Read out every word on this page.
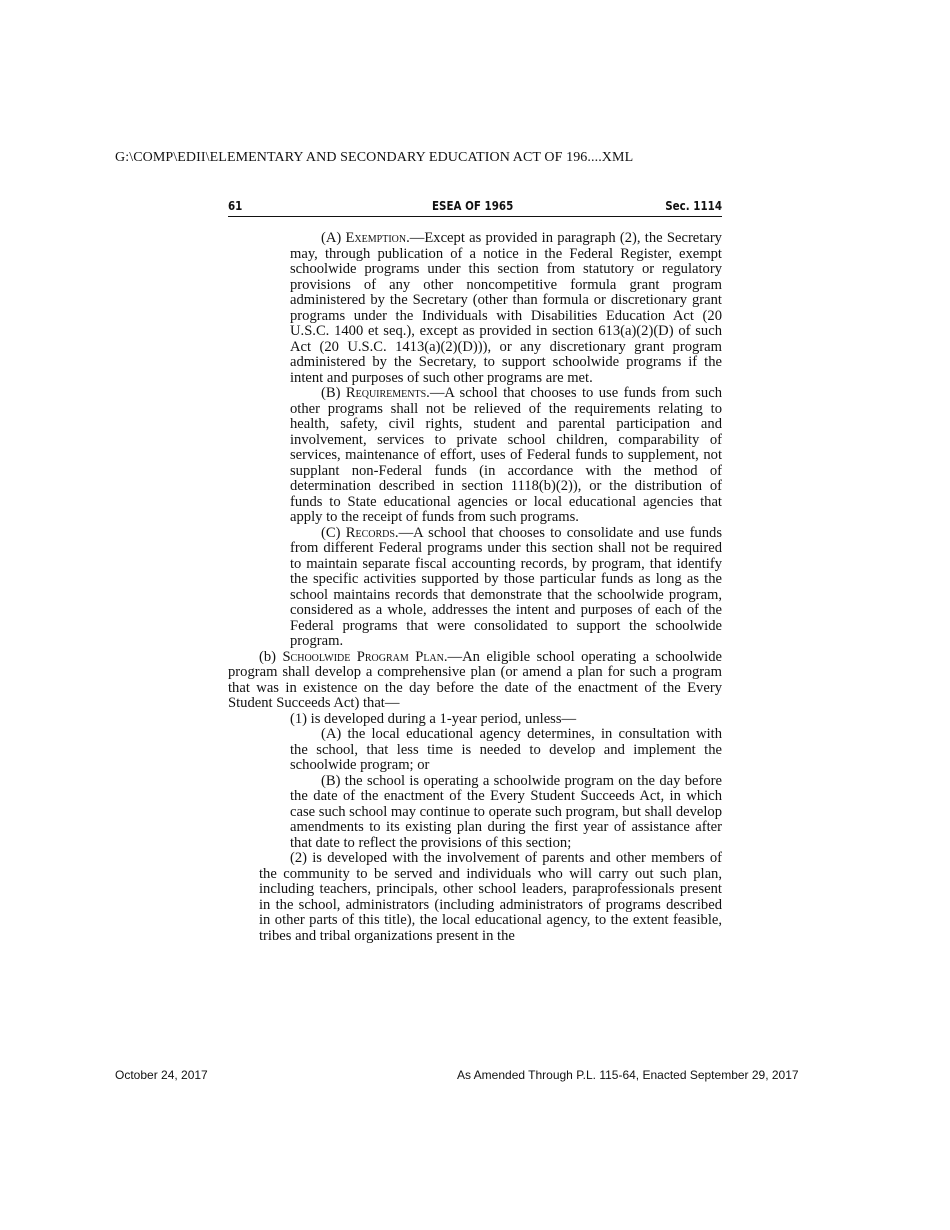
G:\COMP\EDII\ELEMENTARY AND SECONDARY EDUCATION ACT OF 196....XML
61	ESEA OF 1965	Sec. 1114
(A) Exemption.—Except as provided in paragraph (2), the Secretary may, through publication of a notice in the Federal Register, exempt schoolwide programs under this section from statutory or regulatory provisions of any other noncompetitive formula grant program administered by the Secretary (other than formula or discretionary grant programs under the Individuals with Disabilities Education Act (20 U.S.C. 1400 et seq.), except as provided in section 613(a)(2)(D) of such Act (20 U.S.C. 1413(a)(2)(D))), or any discretionary grant program administered by the Secretary, to support schoolwide programs if the intent and purposes of such other programs are met.
(B) Requirements.—A school that chooses to use funds from such other programs shall not be relieved of the requirements relating to health, safety, civil rights, student and parental participation and involvement, services to private school children, comparability of services, maintenance of effort, uses of Federal funds to supplement, not supplant non-Federal funds (in accordance with the method of determination described in section 1118(b)(2)), or the distribution of funds to State educational agencies or local educational agencies that apply to the receipt of funds from such programs.
(C) Records.—A school that chooses to consolidate and use funds from different Federal programs under this section shall not be required to maintain separate fiscal accounting records, by program, that identify the specific activities supported by those particular funds as long as the school maintains records that demonstrate that the schoolwide program, considered as a whole, addresses the intent and purposes of each of the Federal programs that were consolidated to support the schoolwide program.
(b) Schoolwide Program Plan.—An eligible school operating a schoolwide program shall develop a comprehensive plan (or amend a plan for such a program that was in existence on the day before the date of the enactment of the Every Student Succeeds Act) that—
(1) is developed during a 1-year period, unless—
(A) the local educational agency determines, in consultation with the school, that less time is needed to develop and implement the schoolwide program; or
(B) the school is operating a schoolwide program on the day before the date of the enactment of the Every Student Succeeds Act, in which case such school may continue to operate such program, but shall develop amendments to its existing plan during the first year of assistance after that date to reflect the provisions of this section;
(2) is developed with the involvement of parents and other members of the community to be served and individuals who will carry out such plan, including teachers, principals, other school leaders, paraprofessionals present in the school, administrators (including administrators of programs described in other parts of this title), the local educational agency, to the extent feasible, tribes and tribal organizations present in the
October 24, 2017	As Amended Through P.L. 115-64, Enacted September 29, 2017
